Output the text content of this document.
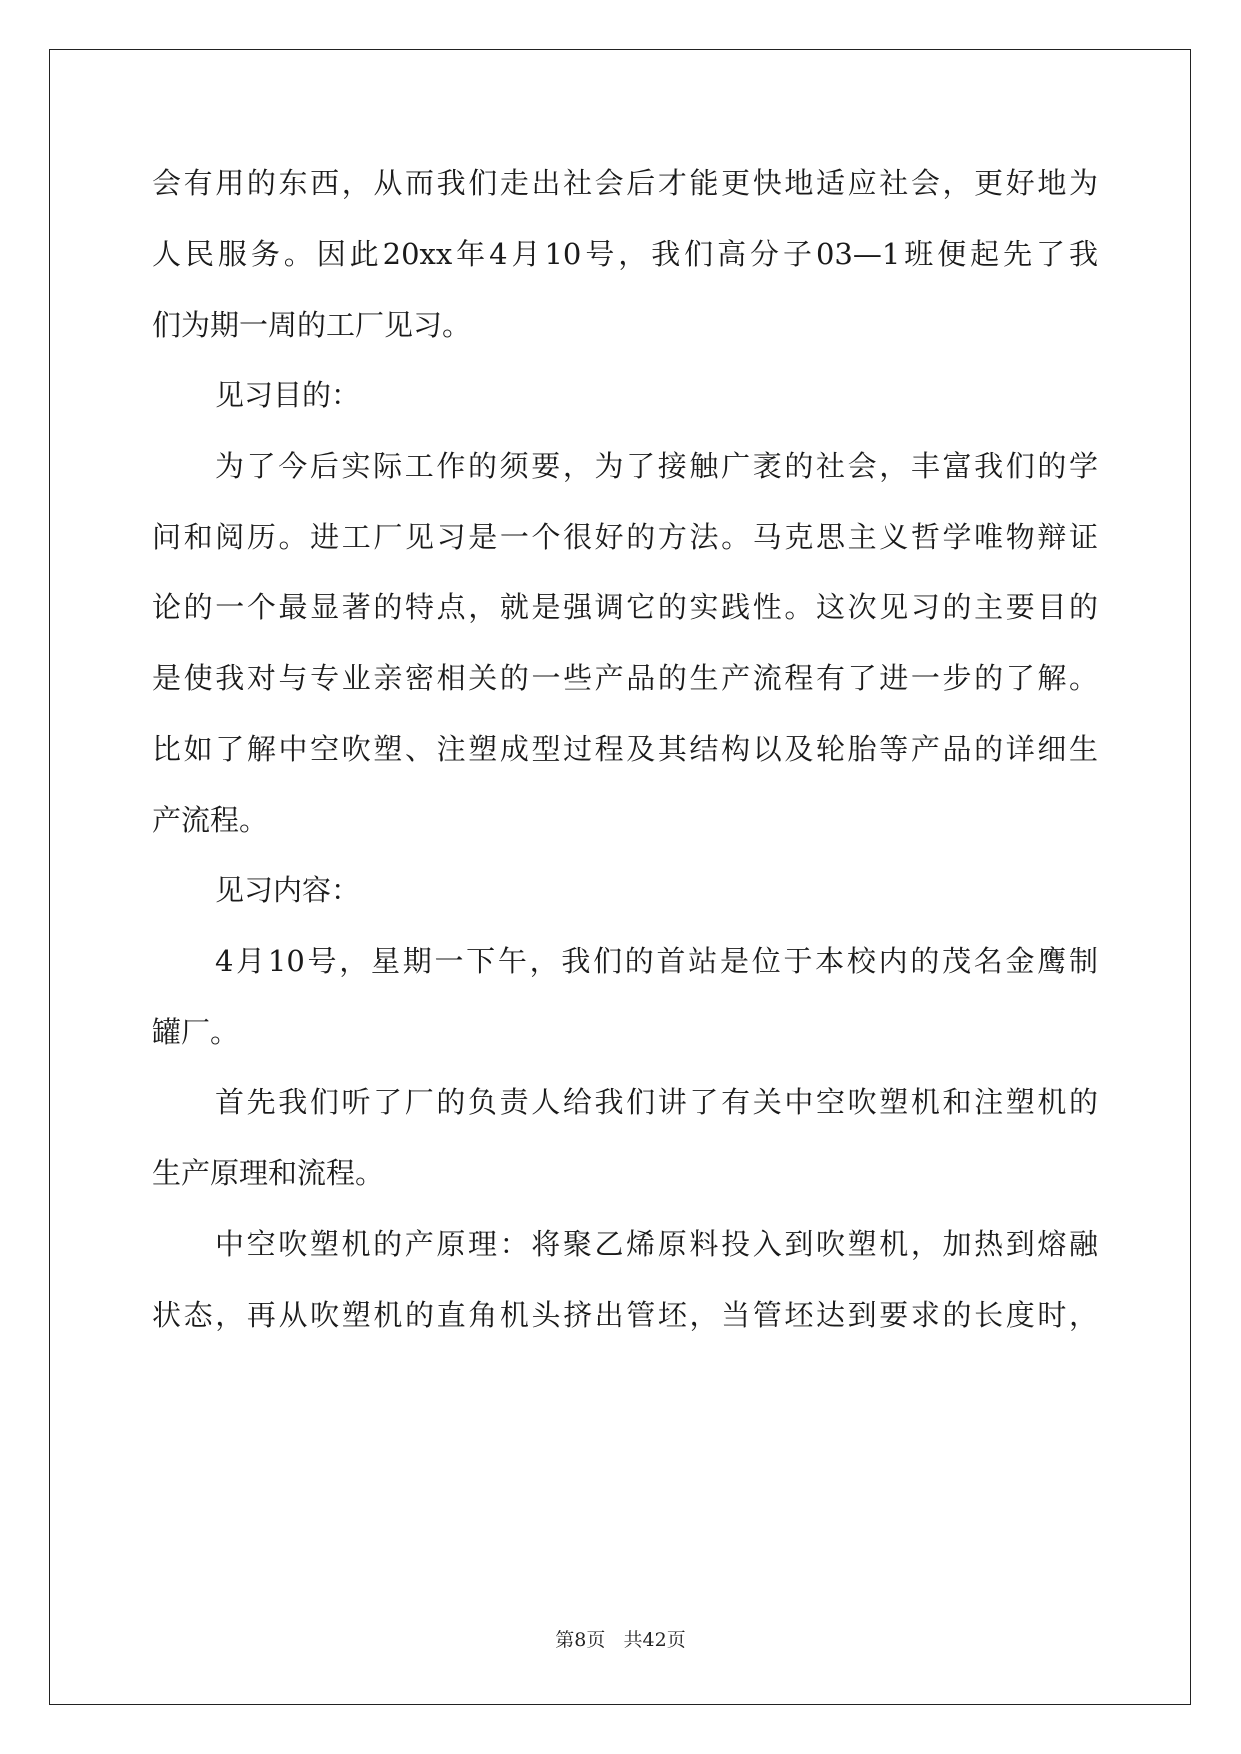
会有用的东西，从而我们走出社会后才能更快地适应社会，更好地为
人民服务。因此20xx年4月10号，我们高分子03—1班便起先了我
们为期一周的工厂见习。
见习目的：
为了今后实际工作的须要，为了接触广袤的社会，丰富我们的学
问和阅历。进工厂见习是一个很好的方法。马克思主义哲学唯物辩证
论的一个最显著的特点，就是强调它的实践性。这次见习的主要目的
是使我对与专业亲密相关的一些产品的生产流程有了进一步的了解。
比如了解中空吹塑、注塑成型过程及其结构以及轮胎等产品的详细生
产流程。
见习内容：
4月10号，星期一下午，我们的首站是位于本校内的茂名金鹰制
罐厂。
首先我们听了厂的负责人给我们讲了有关中空吹塑机和注塑机的
生产原理和流程。
中空吹塑机的产原理：将聚乙烯原料投入到吹塑机，加热到熔融
状态，再从吹塑机的直角机头挤出管坯，当管坯达到要求的长度时，
第8页 共42页
